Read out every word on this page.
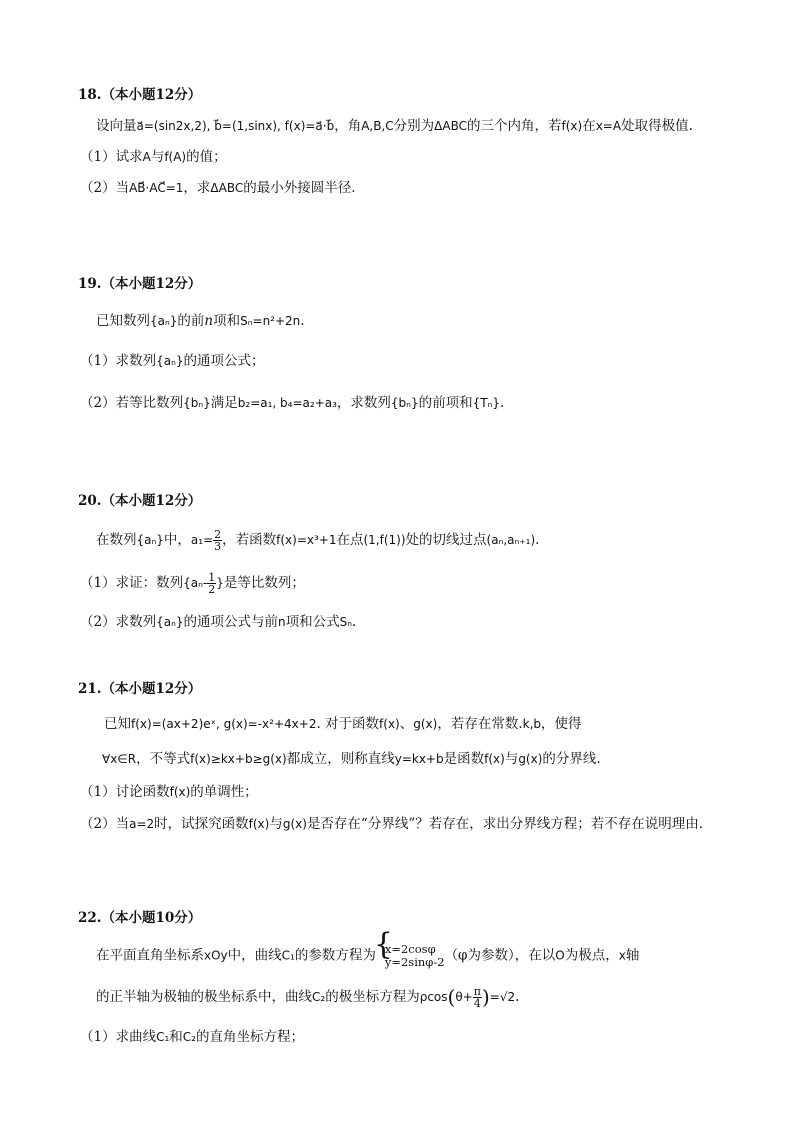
18.（本小题12分）
设向量a⃗=(sin2x,2), b⃗=(1,sinx), f(x)=a⃗·b⃗，角A,B,C分别为ΔABC的三个内角，若f(x)在x=A处取得极值.
（1）试求A与f(A)的值；
（2）当AB⃗·AC⃗=1，求ΔABC的最小外接圆半径.
19.（本小题12分）
已知数列{aₙ}的前n项和Sₙ=n²+2n.
（1）求数列{aₙ}的通项公式；
（2）若等比数列{bₙ}满足b₂=a₁, b₄=a₂+a₃，求数列{bₙ}的前项和{Tₙ}.
20.（本小题12分）
在数列{aₙ}中，$a_1= \frac{2}{3}$ ，若函数f(x)=x³+1在点(1,f(1))处的切线过点(aₙ,aₙ₊₁).
（1）求证：数列{$a_n- \frac{1}{2}$ }是等比数列；
（2）求数列{aₙ}的通项公式与前n项和公式Sₙ.
21.（本小题12分）
已知f(x)=(ax+2)eˣ, g(x)=-x²+4x+2. 对于函数f(x)、g(x)，若存在常数.k,b，使得
∀x∈R，不等式f(x)≥kx+b≥g(x)都成立，则称直线y=kx+b是函数f(x)与g(x)的分界线.
（1）讨论函数f(x)的单调性；
（2）当a=2时，试探究函数f(x)与g(x)是否存在“分界线”？若存在，求出分界线方程；若不存在说明理由.
22.（本小题10分）
在平面直角坐标系xOy中，曲线C₁的参数方程为
{ x=2cosφ
y=2sinφ-2 （φ为参数），在以O为极点，x轴
的正半轴为极轴的极坐标系中，曲线C₂的极坐标方程为$\rho\cos(\theta+ \frac{\pi}{4} )=√2$.
（1）求曲线C₁和C₂的直角坐标方程；
